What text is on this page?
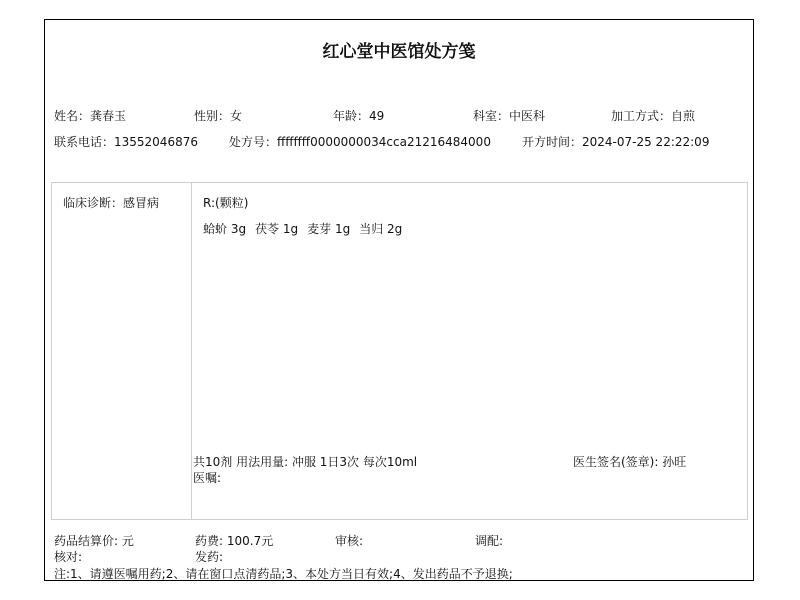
红心堂中医馆处方笺
姓名：龚春玉	性别：女	年龄：49	科室：中医科	加工方式：自煎
联系电话：13552046876	处方号：ffffffff0000000034cca21216484000	开方时间：2024-07-25 22:22:09
临床诊断：感冒病	R:(颗粒)
蛤蚧 3g 茯苓 1g 麦芽 1g 当归 2g
共10剂 用法用量: 冲服 1日3次 每次10ml	医生签名(签章): 孙旺
医嘱:
药品结算价: 元	药费: 100.7元	审核:	调配:
核对:	发药:
注:1、请遵医嘱用药;2、请在窗口点清药品;3、本处方当日有效;4、发出药品不予退换;
